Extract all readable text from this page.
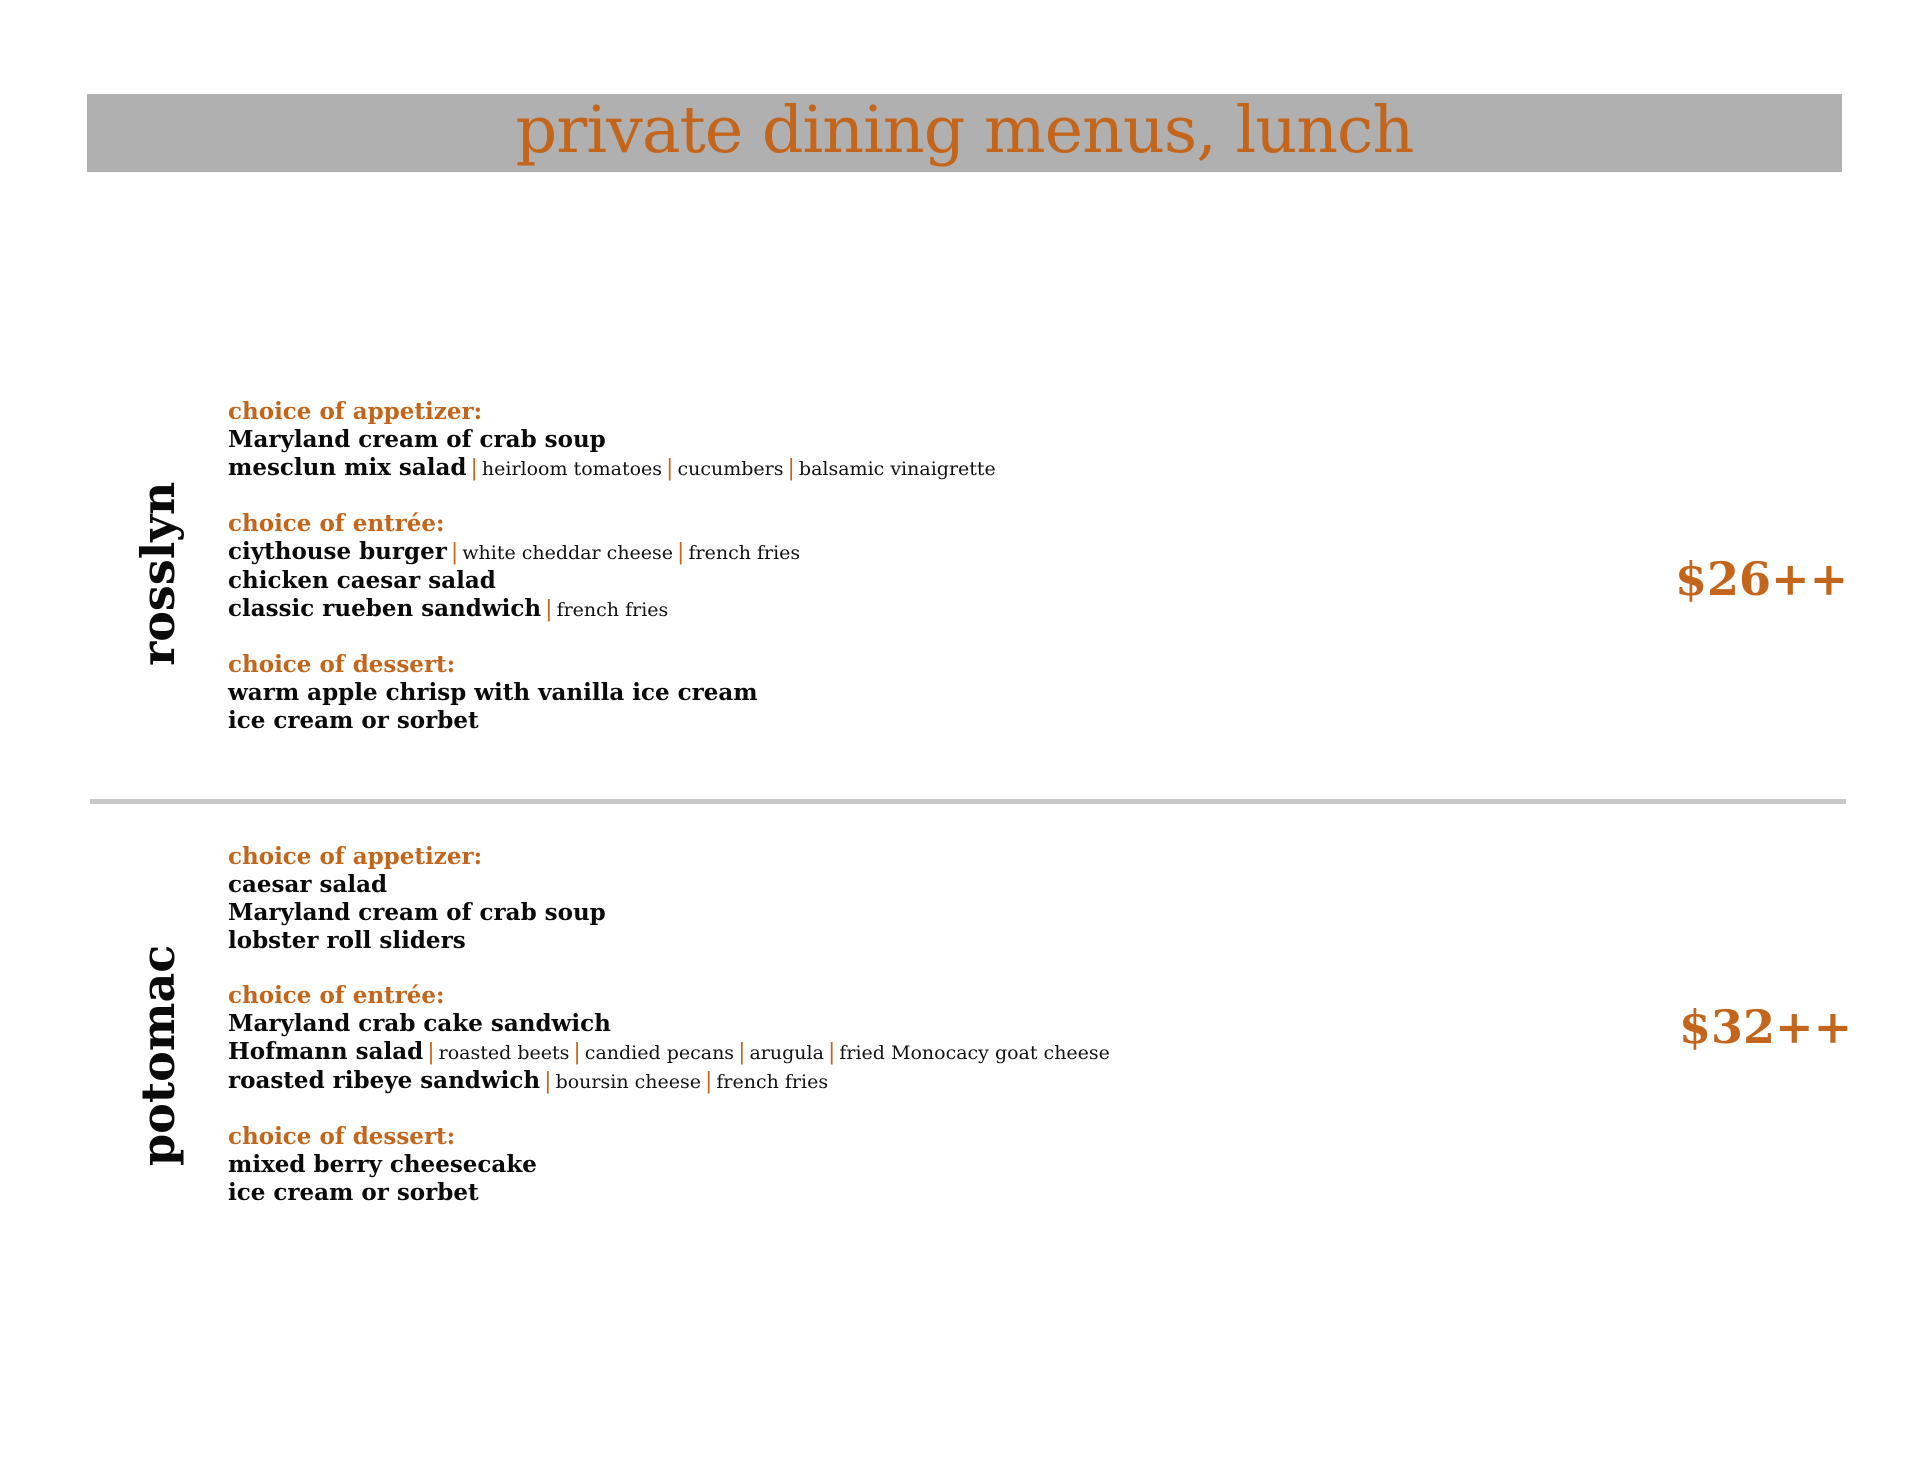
private dining menus, lunch
rosslyn
choice of appetizer:
Maryland cream of crab soup
mesclun mix salad | heirloom tomatoes | cucumbers | balsamic vinaigrette
choice of entrée:
ciythouse burger | white cheddar cheese | french fries
chicken caesar salad
classic rueben sandwich | french fries
choice of dessert:
warm apple chrisp with vanilla ice cream
ice cream or sorbet
$26++
potomac
choice of appetizer:
caesar salad
Maryland cream of crab soup
lobster roll sliders
choice of entrée:
Maryland crab cake sandwich
Hofmann salad | roasted beets | candied pecans | arugula | fried Monocacy goat cheese
roasted ribeye sandwich | boursin cheese | french fries
choice of dessert:
mixed berry cheesecake
ice cream or sorbet
$32++
